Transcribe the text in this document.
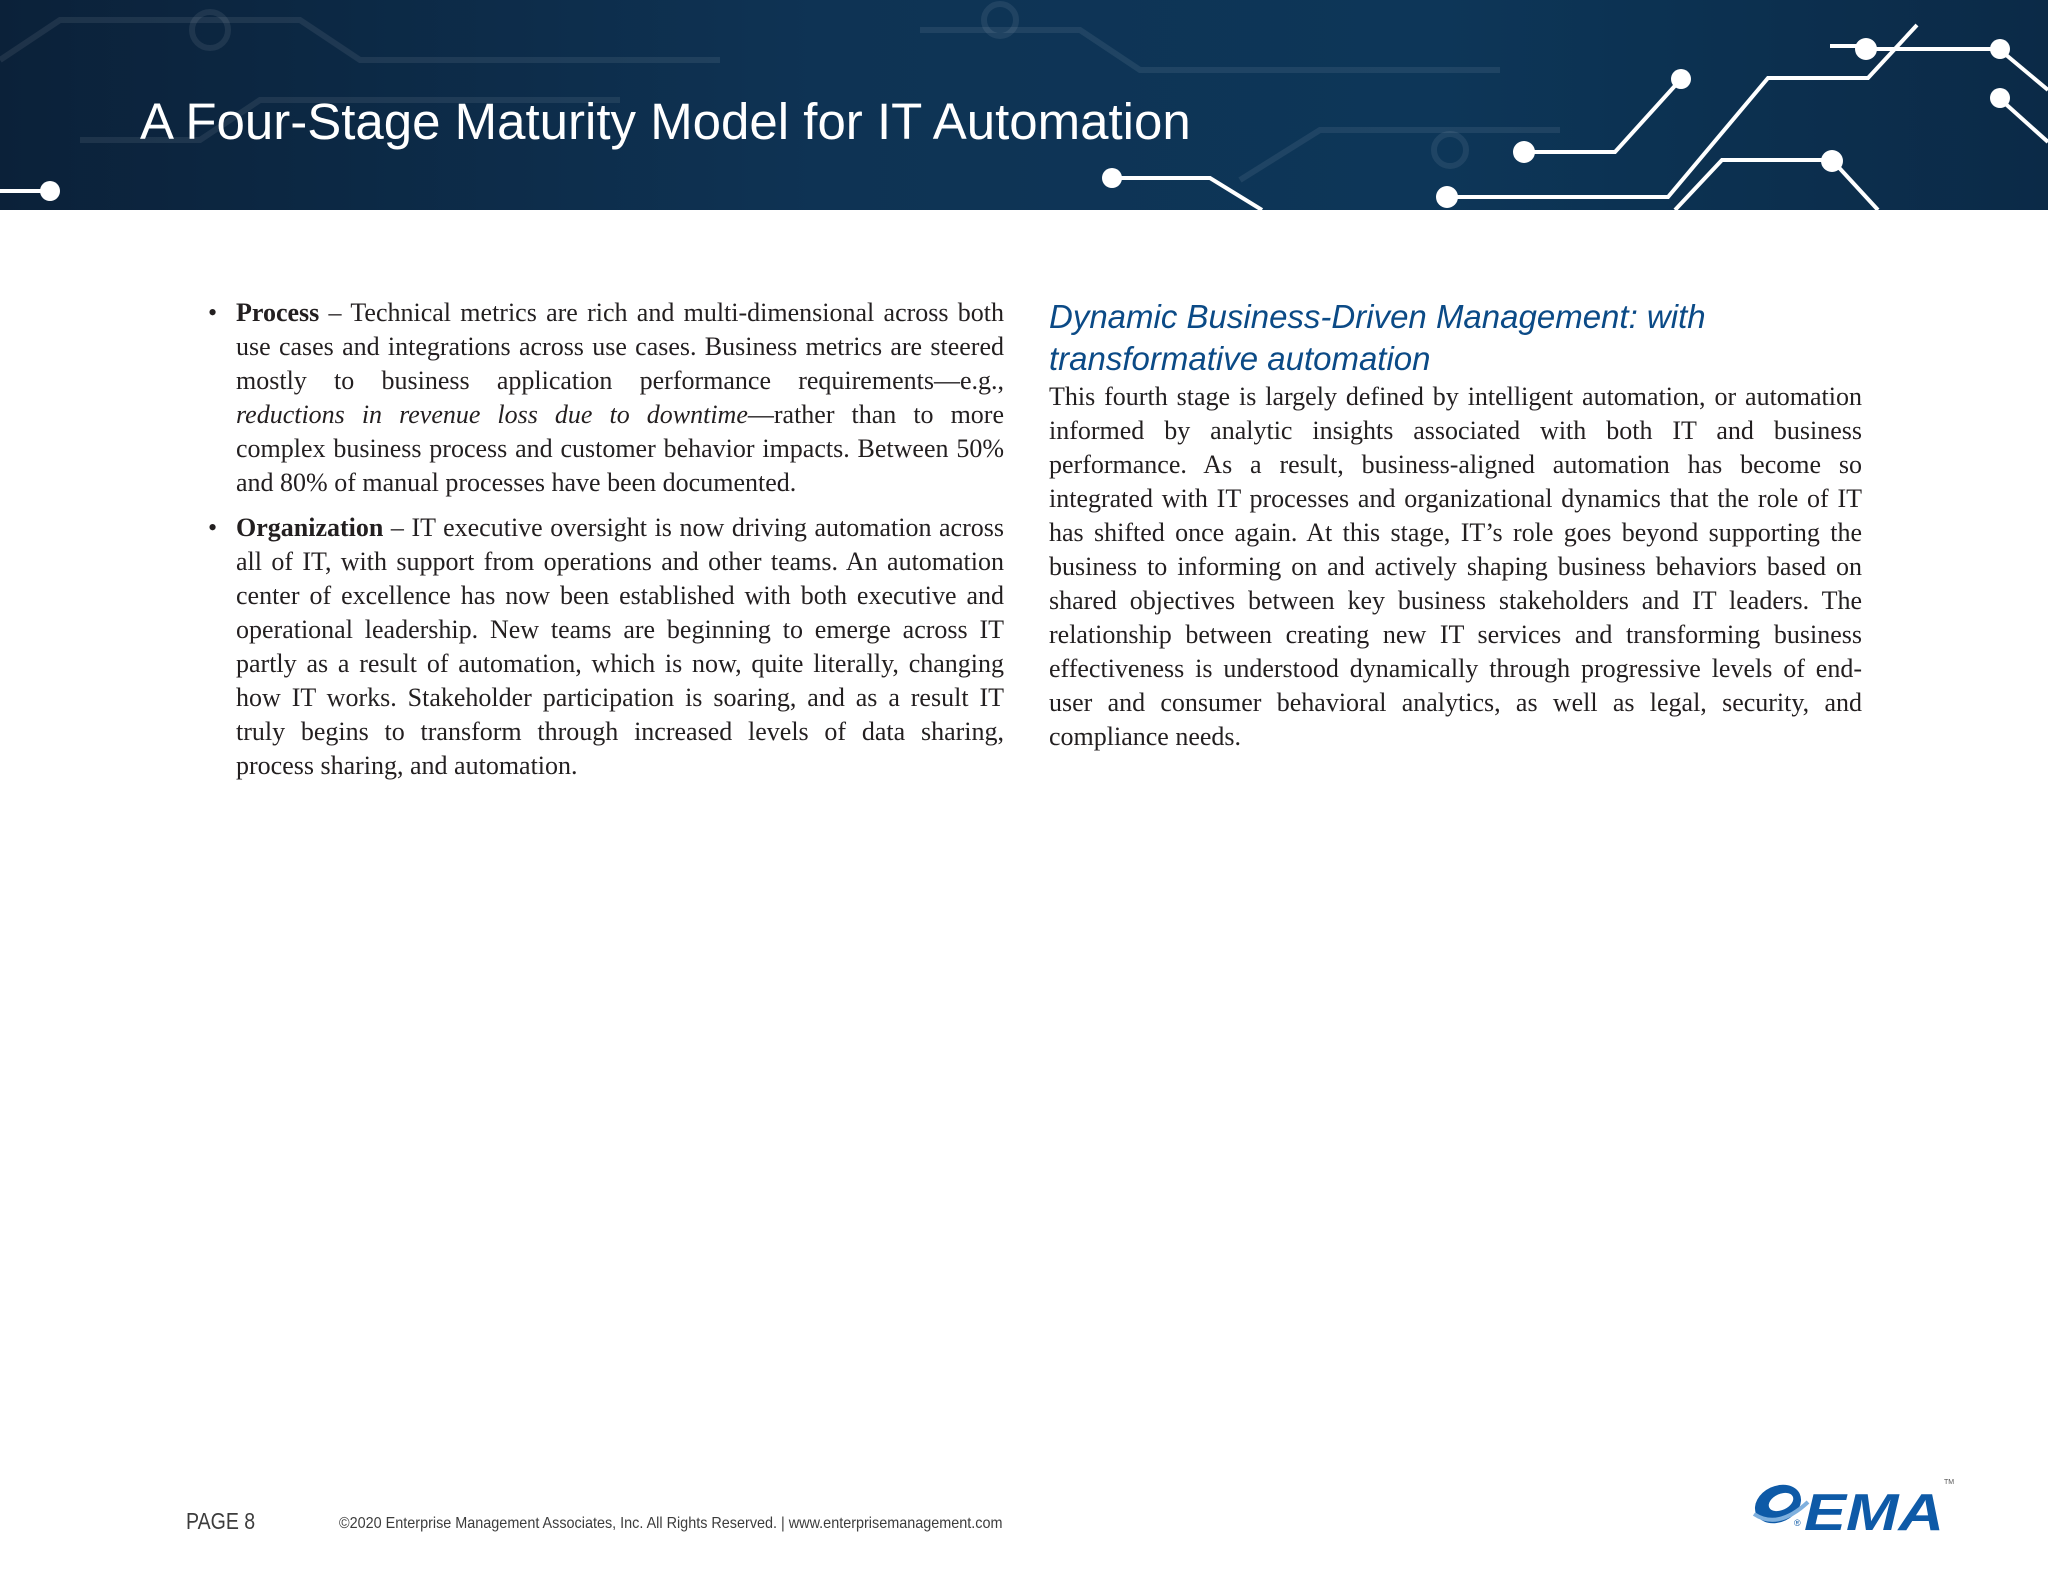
A Four-Stage Maturity Model for IT Automation
• Process – Technical metrics are rich and multi-dimensional across both use cases and integrations across use cases. Business metrics are steered mostly to business application performance requirements—e.g., reductions in revenue loss due to downtime—rather than to more complex business process and customer behavior impacts. Between 50% and 80% of manual processes have been documented.
• Organization – IT executive oversight is now driving automation across all of IT, with support from operations and other teams. An automation center of excellence has now been established with both executive and operational leadership. New teams are beginning to emerge across IT partly as a result of automation, which is now, quite literally, changing how IT works. Stakeholder participation is soaring, and as a result IT truly begins to transform through increased levels of data sharing, process sharing, and automation.
Dynamic Business-Driven Management: with transformative automation

This fourth stage is largely defined by intelligent automation, or automation informed by analytic insights associated with both IT and business performance. As a result, business-aligned automation has become so integrated with IT processes and organizational dynamics that the role of IT has shifted once again. At this stage, IT’s role goes beyond supporting the business to informing on and actively shaping business behaviors based on shared objectives between key business stakeholders and IT leaders. The relationship between creating new IT services and transforming business effectiveness is understood dynamically through progressive levels of end-user and consumer behavioral analytics, as well as legal, security, and compliance needs.

PAGE 8	©2020 Enterprise Management Associates, Inc. All Rights Reserved. | www.enterprisemanagement.com	® EMA
TM
